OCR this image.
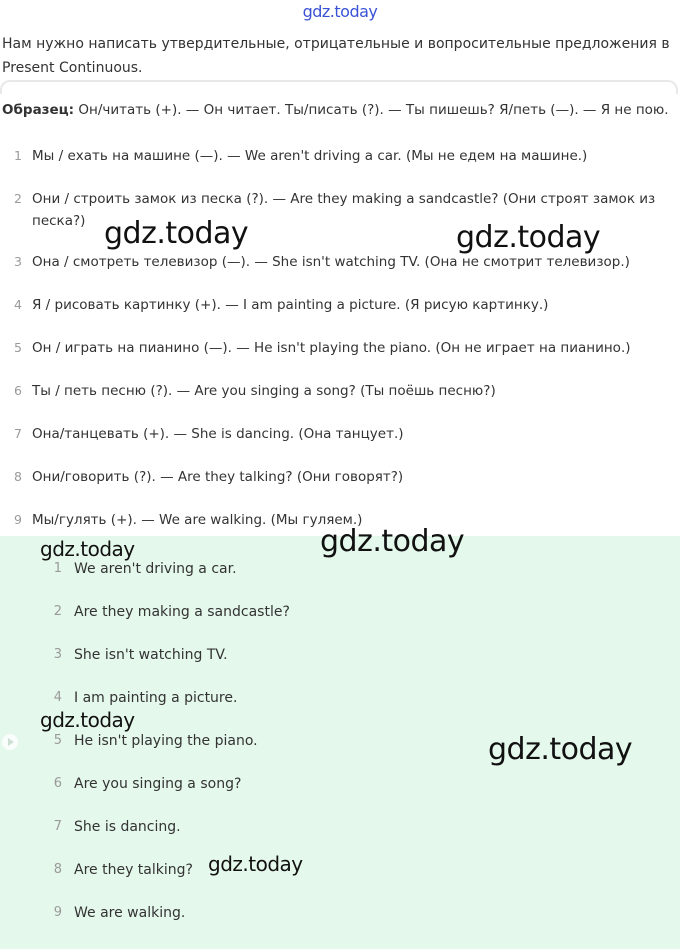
gdz.today
Нам нужно написать утвердительные, отрицательные и вопросительные предложения в Present Continuous.
Образец: Он/читать (+). — Он читает. Ты/писать (?). — Ты пишешь? Я/петь (—). — Я не пою.
1 Мы / ехать на машине (—). — We aren't driving a car. (Мы не едем на машине.)
2 Они / строить замок из песка (?). — Are they making a sandcastle? (Они строят замок из песка?)
3 Она / смотреть телевизор (—). — She isn't watching TV. (Она не смотрит телевизор.)
4 Я / рисовать картинку (+). — I am painting a picture. (Я рисую картинку.)
5 Он / играть на пианино (—). — He isn't playing the piano. (Он не играет на пианино.)
6 Ты / петь песню (?). — Are you singing a song? (Ты поёшь песню?)
7 Она/танцевать (+). — She is dancing. (Она танцует.)
8 Они/говорить (?). — Are they talking? (Они говорят?)
9 Мы/гулять (+). — We are walking. (Мы гуляем.)
1 We aren't driving a car.
2 Are they making a sandcastle?
3 She isn't watching TV.
4 I am painting a picture.
5 He isn't playing the piano.
6 Are you singing a song?
7 She is dancing.
8 Are they talking?
9 We are walking.
gdz.today	gdz.today
gdz.today
gdz.today
gdz.today
gdz.today
gdz.today
